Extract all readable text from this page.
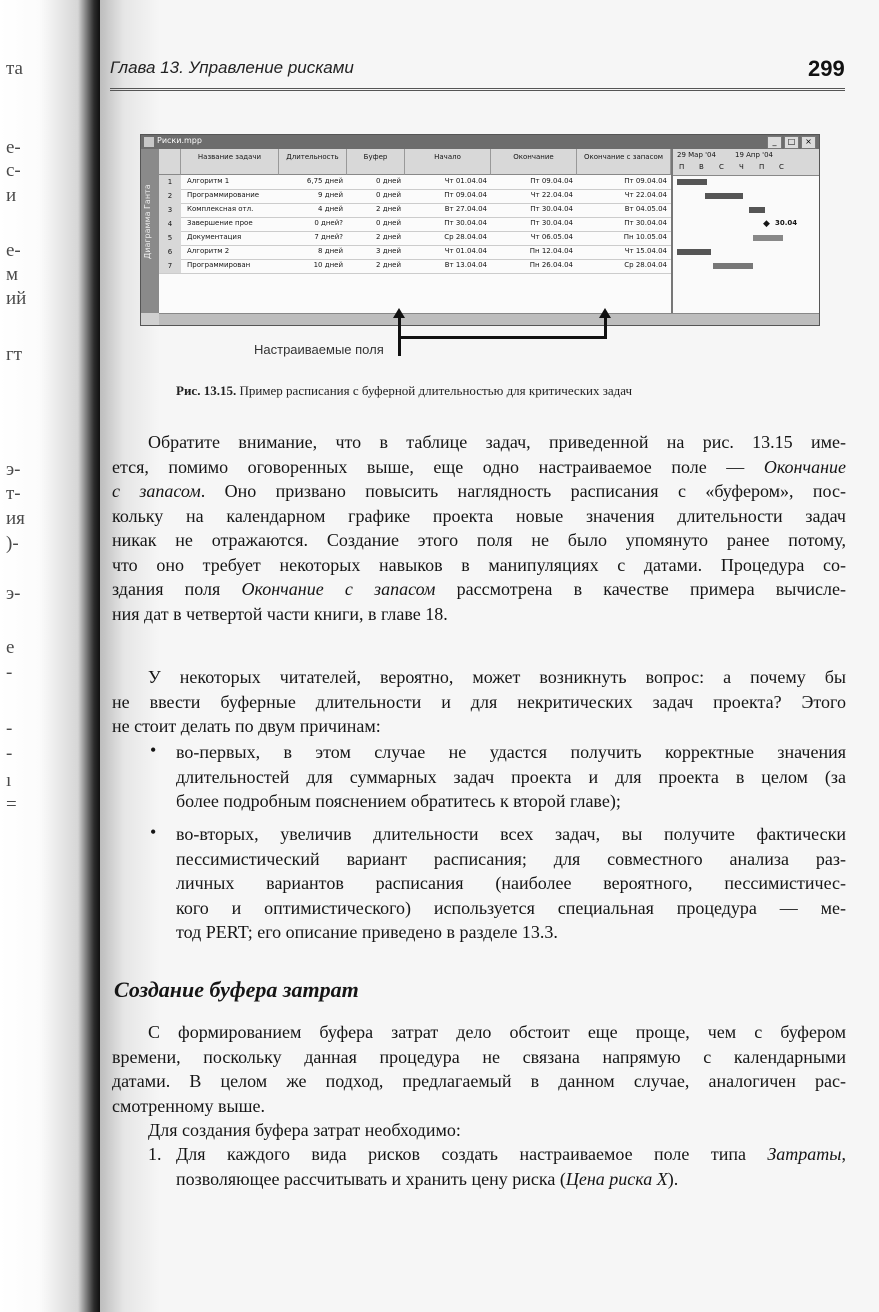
та
е-
с-
и
е-
м
ий
гт
э-
т-
ия
)-
э-
е
-
-
-
ı
=
Глава 13. Управление рисками	299
Риски.mpp	_	□	×
Диаграмма Ганта
Название задачи	Длительность	Буфер	Начало	Окончание	Окончание с запасом
1	Алгоритм 1	6,75 дней	0 дней	Чт 01.04.04	Пт 09.04.04	Пт 09.04.04
2	Программирование	9 дней	0 дней	Пт 09.04.04	Чт 22.04.04	Чт 22.04.04
3	Комплексная отл.	4 дней	2 дней	Вт 27.04.04	Пт 30.04.04	Вт 04.05.04
4	Завершение прое	0 дней?	0 дней	Пт 30.04.04	Пт 30.04.04	Пт 30.04.04
5	Документация	7 дней?	2 дней	Ср 28.04.04	Чт 06.05.04	Пн 10.05.04
6	Алгоритм 2	8 дней	3 дней	Чт 01.04.04	Пн 12.04.04	Чт 15.04.04
7	Программирован	10 дней	2 дней	Вт 13.04.04	Пн 26.04.04	Ср 28.04.04
29 Мар '04	19 Апр '04
П В С Ч П С
◆ 30.04
Настраиваемые поля
Рис. 13.15. Пример расписания с буферной длительностью для критических задач

Обратите внимание, что в таблице задач, приведенной на рис. 13.15 име-

ется, помимо оговоренных выше, еще одно настраиваемое поле — Окончание

с запасом. Оно призвано повысить наглядность расписания с «буфером», пос-

кольку на календарном графике проекта новые значения длительности задач

никак не отражаются. Создание этого поля не было упомянуто ранее потому,

что оно требует некоторых навыков в манипуляциях с датами. Процедура со-

здания поля Окончание с запасом рассмотрена в качестве примера вычисле-

ния дат в четвертой части книги, в главе 18.

У некоторых читателей, вероятно, может возникнуть вопрос: а почему бы

не ввести буферные длительности и для некритических задач проекта? Этого

не стоит делать по двум причинам:

• во-первых, в этом случае не удастся получить корректные значения

длительностей для суммарных задач проекта и для проекта в целом (за

более подробным пояснением обратитесь к второй главе);

• во-вторых, увеличив длительности всех задач, вы получите фактически

пессимистический вариант расписания; для совместного анализа раз-

личных вариантов расписания (наиболее вероятного, пессимистичес-

кого и оптимистического) используется специальная процедура — ме-

тод PERT; его описание приведено в разделе 13.3.

Создание буфера затрат

С формированием буфера затрат дело обстоит еще проще, чем с буфером

времени, поскольку данная процедура не связана напрямую с календарными

датами. В целом же подход, предлагаемый в данном случае, аналогичен рас-

смотренному выше.

Для создания буфера затрат необходимо:

1. Для каждого вида рисков создать настраиваемое поле типа Затраты,

позволяющее рассчитывать и хранить цену риска (Цена риска X).
